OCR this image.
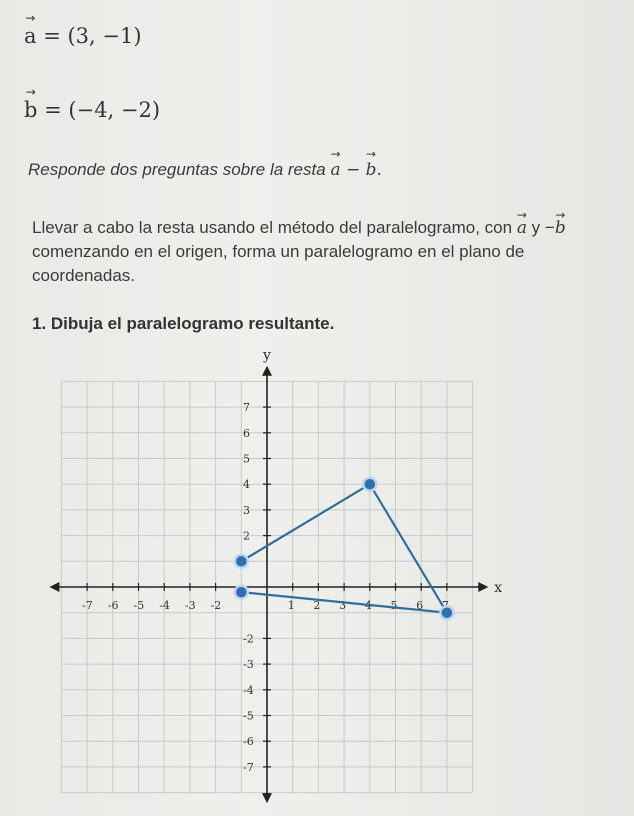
→ a = (3, −1)
→ b = (−4, −2)
Responde dos preguntas sobre la resta → a − → b.
Llevar a cabo la resta usando el método del paralelogramo, con → a y −→ b
comenzando en el origen, forma un paralelogramo en el plano de
coordenadas.
1. Dibuja el paralelogramo resultante.
x
y
-7 -6 -5 -4 -3 -2	1 2 3	5 6
7
6
5
4
3
2
-2
-3
-4
-5
-6
-7
